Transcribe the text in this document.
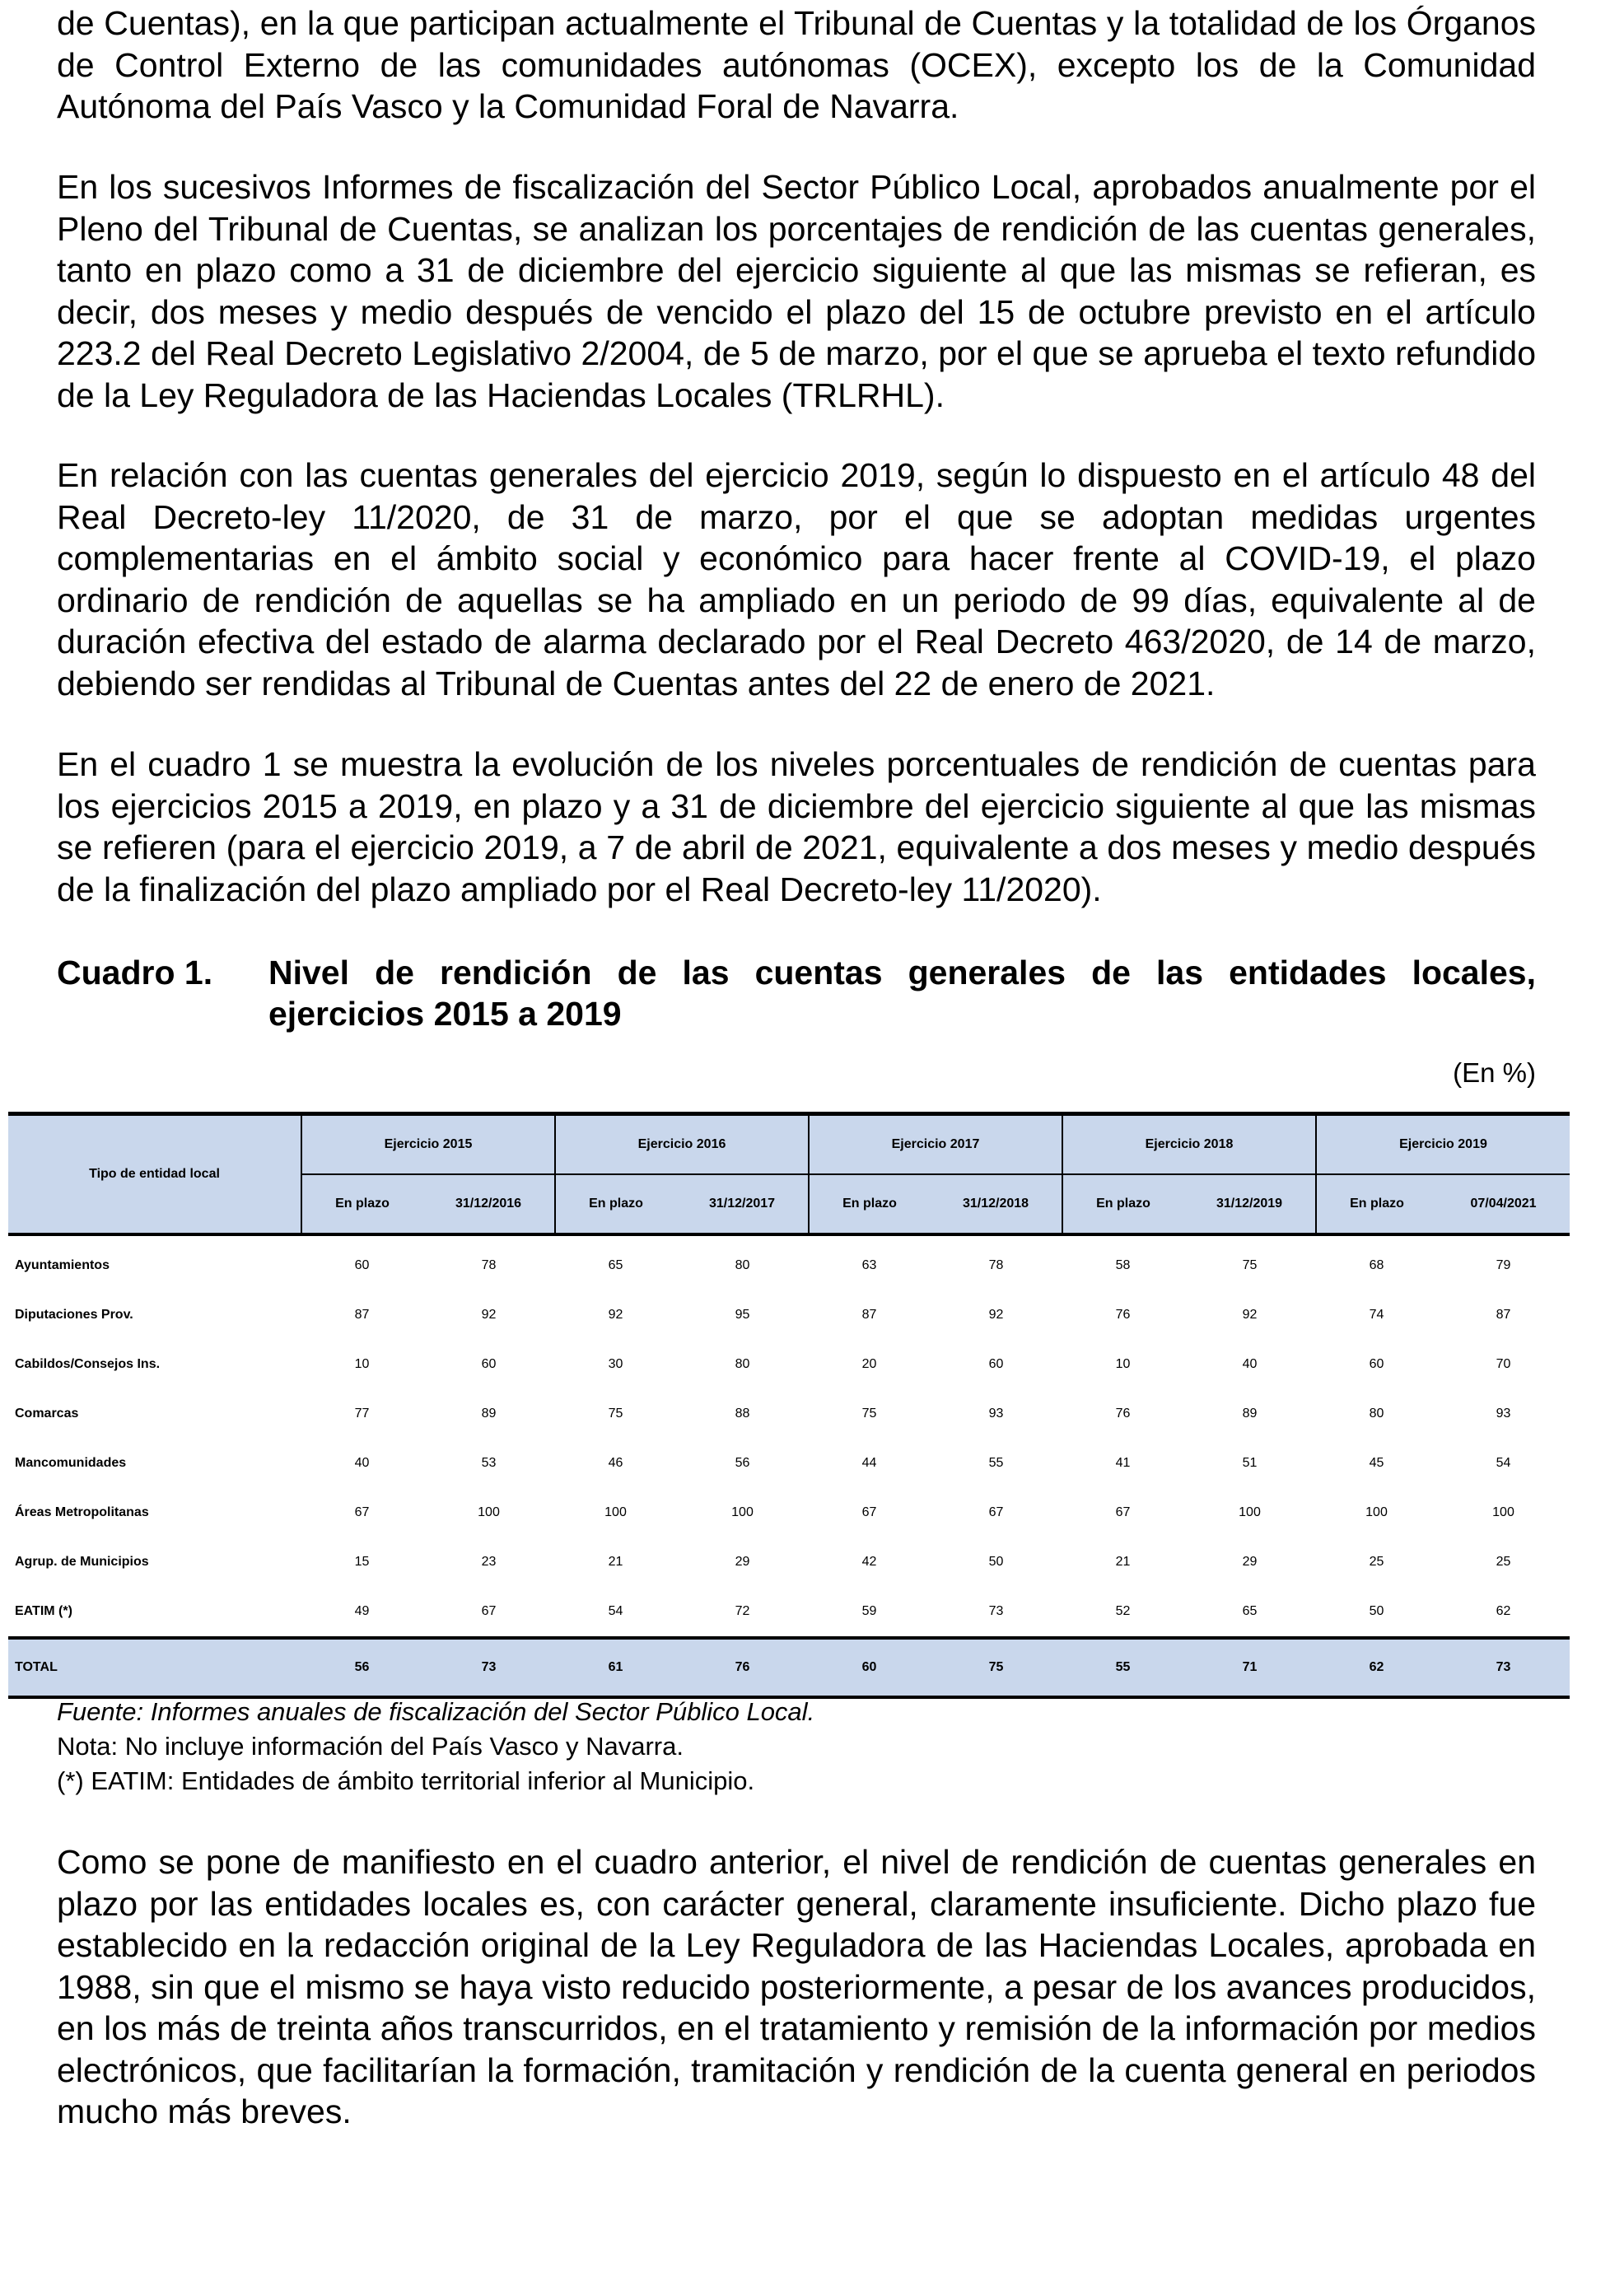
de Cuentas), en la que participan actualmente el Tribunal de Cuentas y la totalidad de los Órganos de Control Externo de las comunidades autónomas (OCEX), excepto los de la Comunidad Autónoma del País Vasco y la Comunidad Foral de Navarra.

En los sucesivos Informes de fiscalización del Sector Público Local, aprobados anualmente por el Pleno del Tribunal de Cuentas, se analizan los porcentajes de rendición de las cuentas generales, tanto en plazo como a 31 de diciembre del ejercicio siguiente al que las mismas se refieran, es decir, dos meses y medio después de vencido el plazo del 15 de octubre previsto en el artículo 223.2 del Real Decreto Legislativo 2/2004, de 5 de marzo, por el que se aprueba el texto refundido de la Ley Reguladora de las Haciendas Locales (TRLRHL).

En relación con las cuentas generales del ejercicio 2019, según lo dispuesto en el artículo 48 del Real Decreto-ley 11/2020, de 31 de marzo, por el que se adoptan medidas urgentes complementarias en el ámbito social y económico para hacer frente al COVID-19, el plazo ordinario de rendición de aquellas se ha ampliado en un periodo de 99 días, equivalente al de duración efectiva del estado de alarma declarado por el Real Decreto 463/2020, de 14 de marzo, debiendo ser rendidas al Tribunal de Cuentas antes del 22 de enero de 2021.

En el cuadro 1 se muestra la evolución de los niveles porcentuales de rendición de cuentas para los ejercicios 2015 a 2019, en plazo y a 31 de diciembre del ejercicio siguiente al que las mismas se refieren (para el ejercicio 2019, a 7 de abril de 2021, equivalente a dos meses y medio después de la finalización del plazo ampliado por el Real Decreto-ley 11/2020).

Cuadro 1. Nivel de rendición de las cuentas generales de las entidades locales, ejercicios 2015 a 2019
(En %)
Tipo de entidad local	Ejercicio 2015		Ejercicio 2016		Ejercicio 2017		Ejercicio 2018		Ejercicio 2019	
	En plazo	31/12/2016	En plazo	31/12/2017	En plazo	31/12/2018	En plazo	31/12/2019	En plazo	07/04/2021
Ayuntamientos	60	78	65	80	63	78	58	75	68	79
Diputaciones Prov.	87	92	92	95	87	92	76	92	74	87
Cabildos/Consejos Ins.	10	60	30	80	20	60	10	40	60	70
Comarcas	77	89	75	88	75	93	76	89	80	93
Mancomunidades	40	53	46	56	44	55	41	51	45	54
Áreas Metropolitanas	67	100	100	100	67	67	67	100	100	100
Agrup. de Municipios	15	23	21	29	42	50	21	29	25	25
EATIM (*)	49	67	54	72	59	73	52	65	50	62
TOTAL	56	73	61	76	60	75	55	71	62	73
Fuente: Informes anuales de fiscalización del Sector Público Local.
Nota: No incluye información del País Vasco y Navarra.
(*) EATIM: Entidades de ámbito territorial inferior al Municipio.

Como se pone de manifiesto en el cuadro anterior, el nivel de rendición de cuentas generales en plazo por las entidades locales es, con carácter general, claramente insuficiente. Dicho plazo fue establecido en la redacción original de la Ley Reguladora de las Haciendas Locales, aprobada en 1988, sin que el mismo se haya visto reducido posteriormente, a pesar de los avances producidos, en los más de treinta años transcurridos, en el tratamiento y remisión de la información por medios electrónicos, que facilitarían la formación, tramitación y rendición de la cuenta general en periodos mucho más breves.
